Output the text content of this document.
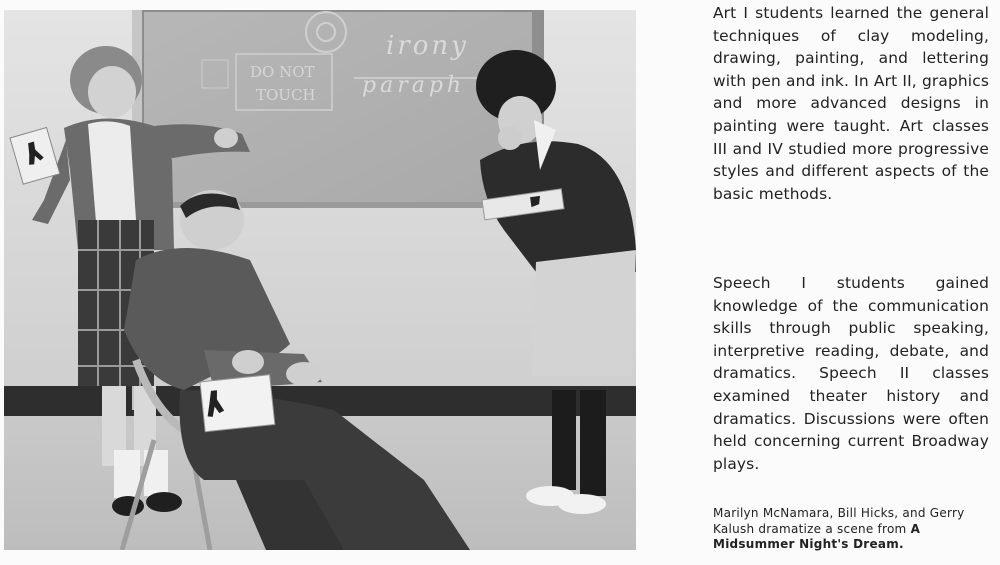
DO NOT
TOUCH
irony
paraph

Art I students learned the general techniques of clay modeling, drawing, painting, and lettering with pen and ink. In Art II, graphics and more advanced designs in painting were taught. Art classes III and IV studied more progressive styles and different aspects of the basic methods.

Speech I students gained knowledge of the communication skills through public speaking, interpretive reading, debate, and dramatics. Speech II classes examined theater history and dramatics. Discussions were often held concerning current Broadway plays.

Marilyn McNamara, Bill Hicks, and Gerry Kalush dramatize a scene from A Midsummer Night's Dream.
